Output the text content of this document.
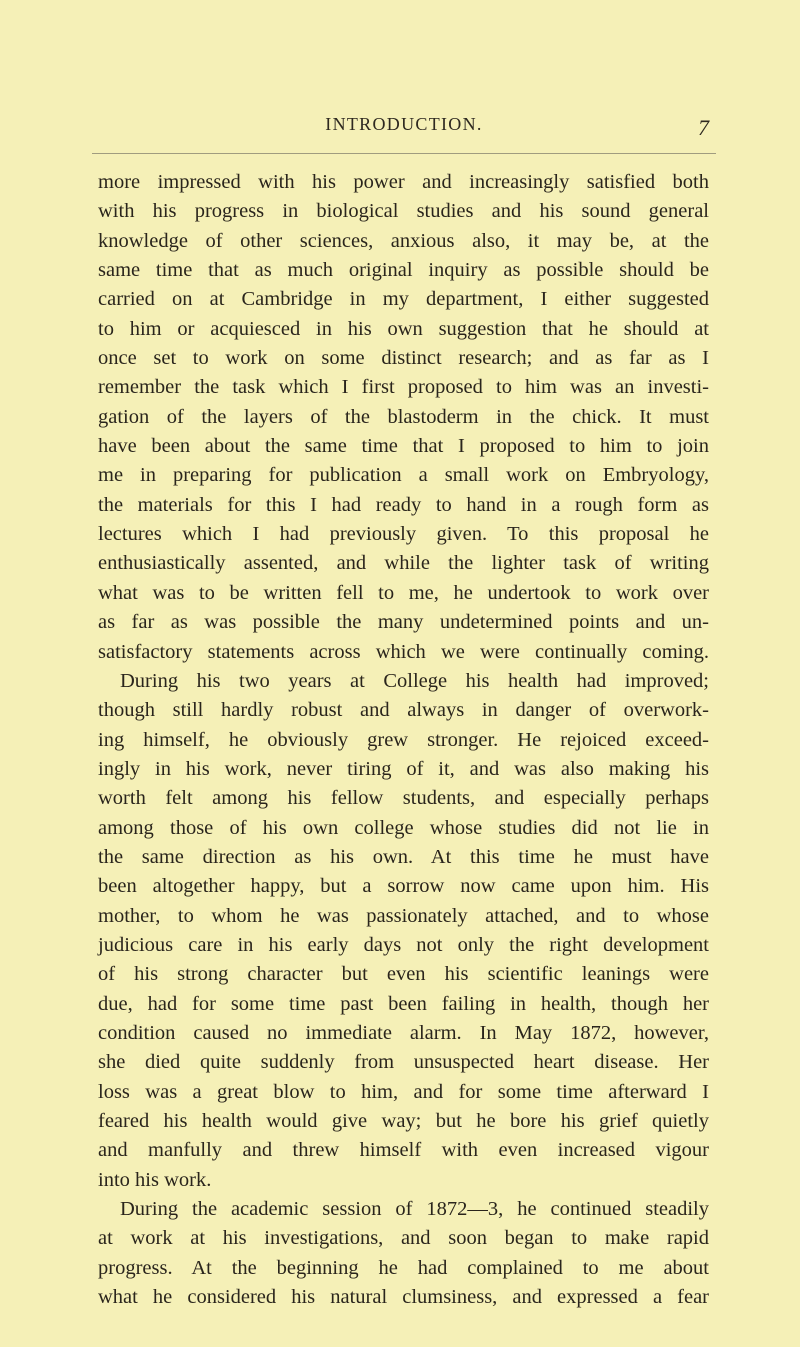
INTRODUCTION.	7
more impressed with his power and increasingly satisfied both
with his progress in biological studies and his sound general
knowledge of other sciences, anxious also, it may be, at the
same time that as much original inquiry as possible should be
carried on at Cambridge in my department, I either suggested
to him or acquiesced in his own suggestion that he should at
once set to work on some distinct research; and as far as I
remember the task which I first proposed to him was an investi-
gation of the layers of the blastoderm in the chick. It must
have been about the same time that I proposed to him to join
me in preparing for publication a small work on Embryology,
the materials for this I had ready to hand in a rough form as
lectures which I had previously given. To this proposal he
enthusiastically assented, and while the lighter task of writing
what was to be written fell to me, he undertook to work over
as far as was possible the many undetermined points and un-
satisfactory statements across which we were continually coming.
During his two years at College his health had improved;
though still hardly robust and always in danger of overwork-
ing himself, he obviously grew stronger. He rejoiced exceed-
ingly in his work, never tiring of it, and was also making his
worth felt among his fellow students, and especially perhaps
among those of his own college whose studies did not lie in
the same direction as his own. At this time he must have
been altogether happy, but a sorrow now came upon him. His
mother, to whom he was passionately attached, and to whose
judicious care in his early days not only the right development
of his strong character but even his scientific leanings were
due, had for some time past been failing in health, though her
condition caused no immediate alarm. In May 1872, however,
she died quite suddenly from unsuspected heart disease. Her
loss was a great blow to him, and for some time afterward I
feared his health would give way; but he bore his grief quietly
and manfully and threw himself with even increased vigour
into his work.
During the academic session of 1872—3, he continued steadily
at work at his investigations, and soon began to make rapid
progress. At the beginning he had complained to me about
what he considered his natural clumsiness, and expressed a fear
